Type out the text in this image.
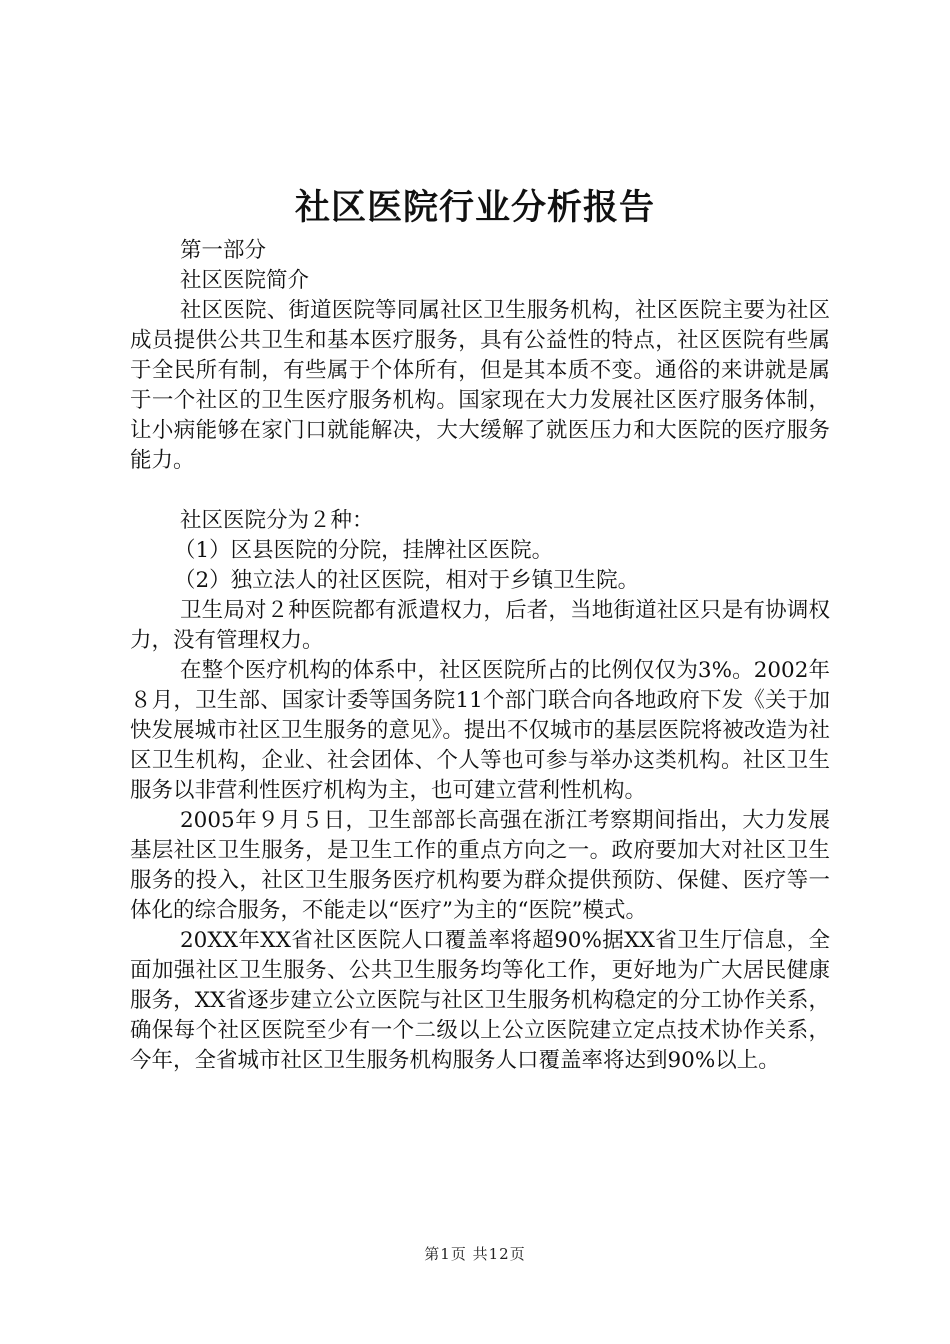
社区医院行业分析报告

第一部分

社区医院简介

社区医院、街道医院等同属社区卫生服务机构，社区医院主要为社区成员提供公共卫生和基本医疗服务，具有公益性的特点，社区医院有些属于全民所有制，有些属于个体所有，但是其本质不变。通俗的来讲就是属于一个社区的卫生医疗服务机构。国家现在大力发展社区医疗服务体制，让小病能够在家门口就能解决，大大缓解了就医压力和大医院的医疗服务能力。

社区医院分为２种：

（1）区县医院的分院，挂牌社区医院。

（2）独立法人的社区医院，相对于乡镇卫生院。

卫生局对２种医院都有派遣权力，后者，当地街道社区只是有协调权力，没有管理权力。

在整个医疗机构的体系中，社区医院所占的比例仅仅为3%。2002年８月，卫生部、国家计委等国务院11个部门联合向各地政府下发《关于加快发展城市社区卫生服务的意见》。提出不仅城市的基层医院将被改造为社区卫生机构，企业、社会团体、个人等也可参与举办这类机构。社区卫生服务以非营利性医疗机构为主，也可建立营利性机构。

2005年９月５日，卫生部部长高强在浙江考察期间指出，大力发展基层社区卫生服务，是卫生工作的重点方向之一。政府要加大对社区卫生服务的投入，社区卫生服务医疗机构要为群众提供预防、保健、医疗等一体化的综合服务，不能走以“医疗”为主的“医院”模式。

20XX年XX省社区医院人口覆盖率将超90%据XX省卫生厅信息，全面加强社区卫生服务、公共卫生服务均等化工作，更好地为广大居民健康服务，XX省逐步建立公立医院与社区卫生服务机构稳定的分工协作关系，确保每个社区医院至少有一个二级以上公立医院建立定点技术协作关系，今年，全省城市社区卫生服务机构服务人口覆盖率将达到90%以上。

第1页 共12页
